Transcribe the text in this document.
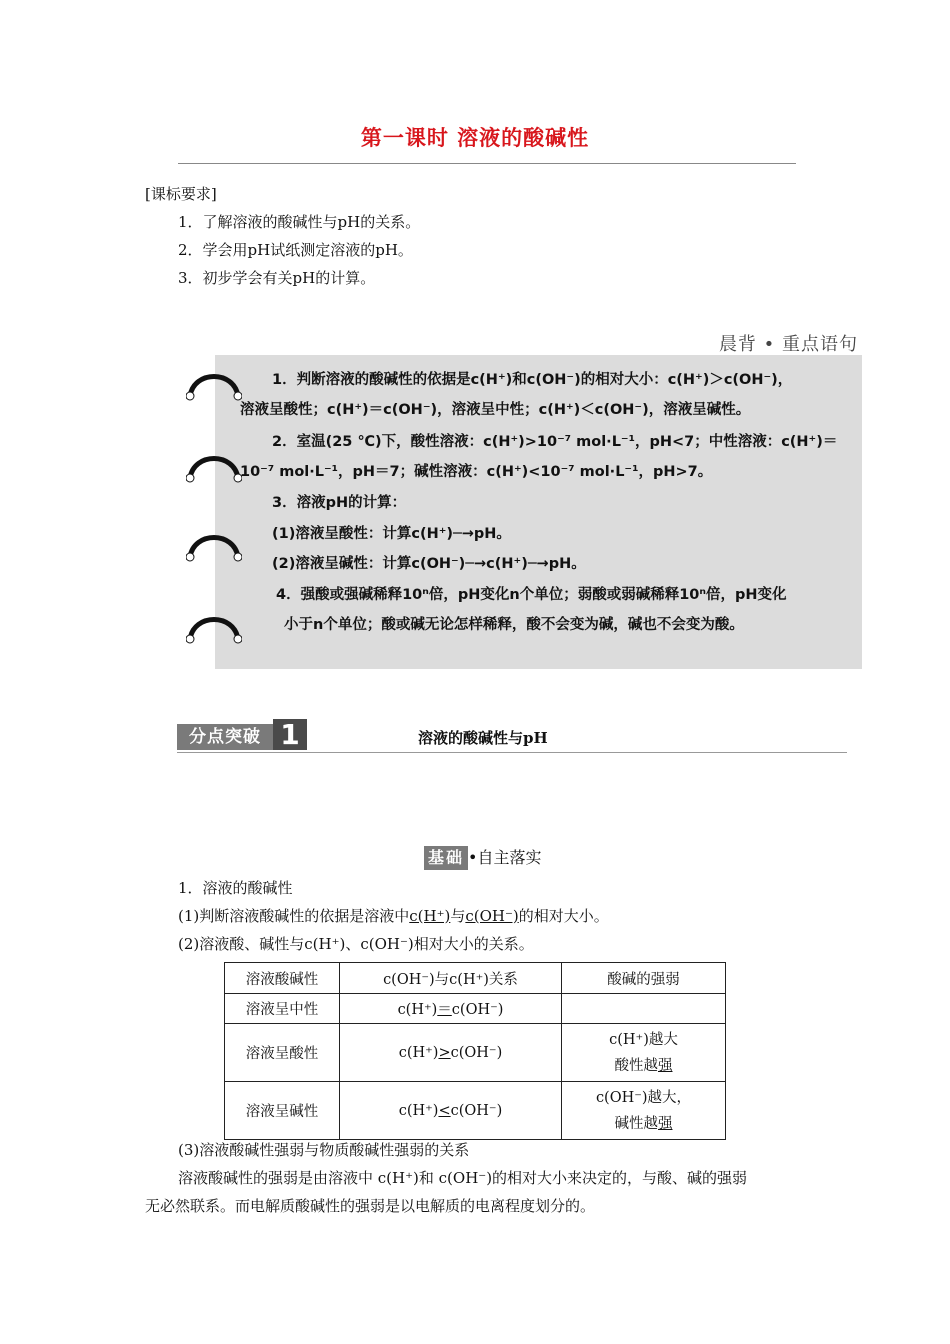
第一课时 溶液的酸碱性
[课标要求]
1．了解溶液的酸碱性与pH的关系。
2．学会用pH试纸测定溶液的pH。
3．初步学会有关pH的计算。
晨背 • 重点语句
1．判断溶液的酸碱性的依据是c(H⁺)和c(OH⁻)的相对大小：c(H⁺)＞c(OH⁻)，
溶液呈酸性；c(H⁺)＝c(OH⁻)，溶液呈中性；c(H⁺)＜c(OH⁻)，溶液呈碱性。
2．室温(25 ℃)下，酸性溶液：c(H⁺)>10⁻⁷ mol·L⁻¹，pH<7；中性溶液：c(H⁺)＝
10⁻⁷ mol·L⁻¹，pH＝7；碱性溶液：c(H⁺)<10⁻⁷ mol·L⁻¹，pH>7。
3．溶液pH的计算：
(1)溶液呈酸性：计算c(H⁺)─→pH。
(2)溶液呈碱性：计算c(OH⁻)─→c(H⁺)─→pH。
4．强酸或强碱稀释10ⁿ倍，pH变化n个单位；弱酸或弱碱稀释10ⁿ倍，pH变化
小于n个单位；酸或碱无论怎样稀释，酸不会变为碱，碱也不会变为酸。
分点突破 1	溶液的酸碱性与pH
基础 •自主落实
1．溶液的酸碱性
(1)判断溶液酸碱性的依据是溶液中c(H⁺)与c(OH⁻)的相对大小。
(2)溶液酸、碱性与c(H⁺)、c(OH⁻)相对大小的关系。
溶液酸碱性	c(OH⁻)与c(H⁺)关系	酸碱的强弱
溶液呈中性	c(H⁺)＝c(OH⁻)	
溶液呈酸性	c(H⁺)>c(OH⁻)	c(H⁺)越大
酸性越强

溶液呈碱性	c(H⁺)<c(OH⁻)	c(OH⁻)越大，
碱性越强
(3)溶液酸碱性强弱与物质酸碱性强弱的关系
溶液酸碱性的强弱是由溶液中 c(H⁺)和 c(OH⁻)的相对大小来决定的，与酸、碱的强弱
无必然联系。而电解质酸碱性的强弱是以电解质的电离程度划分的。
